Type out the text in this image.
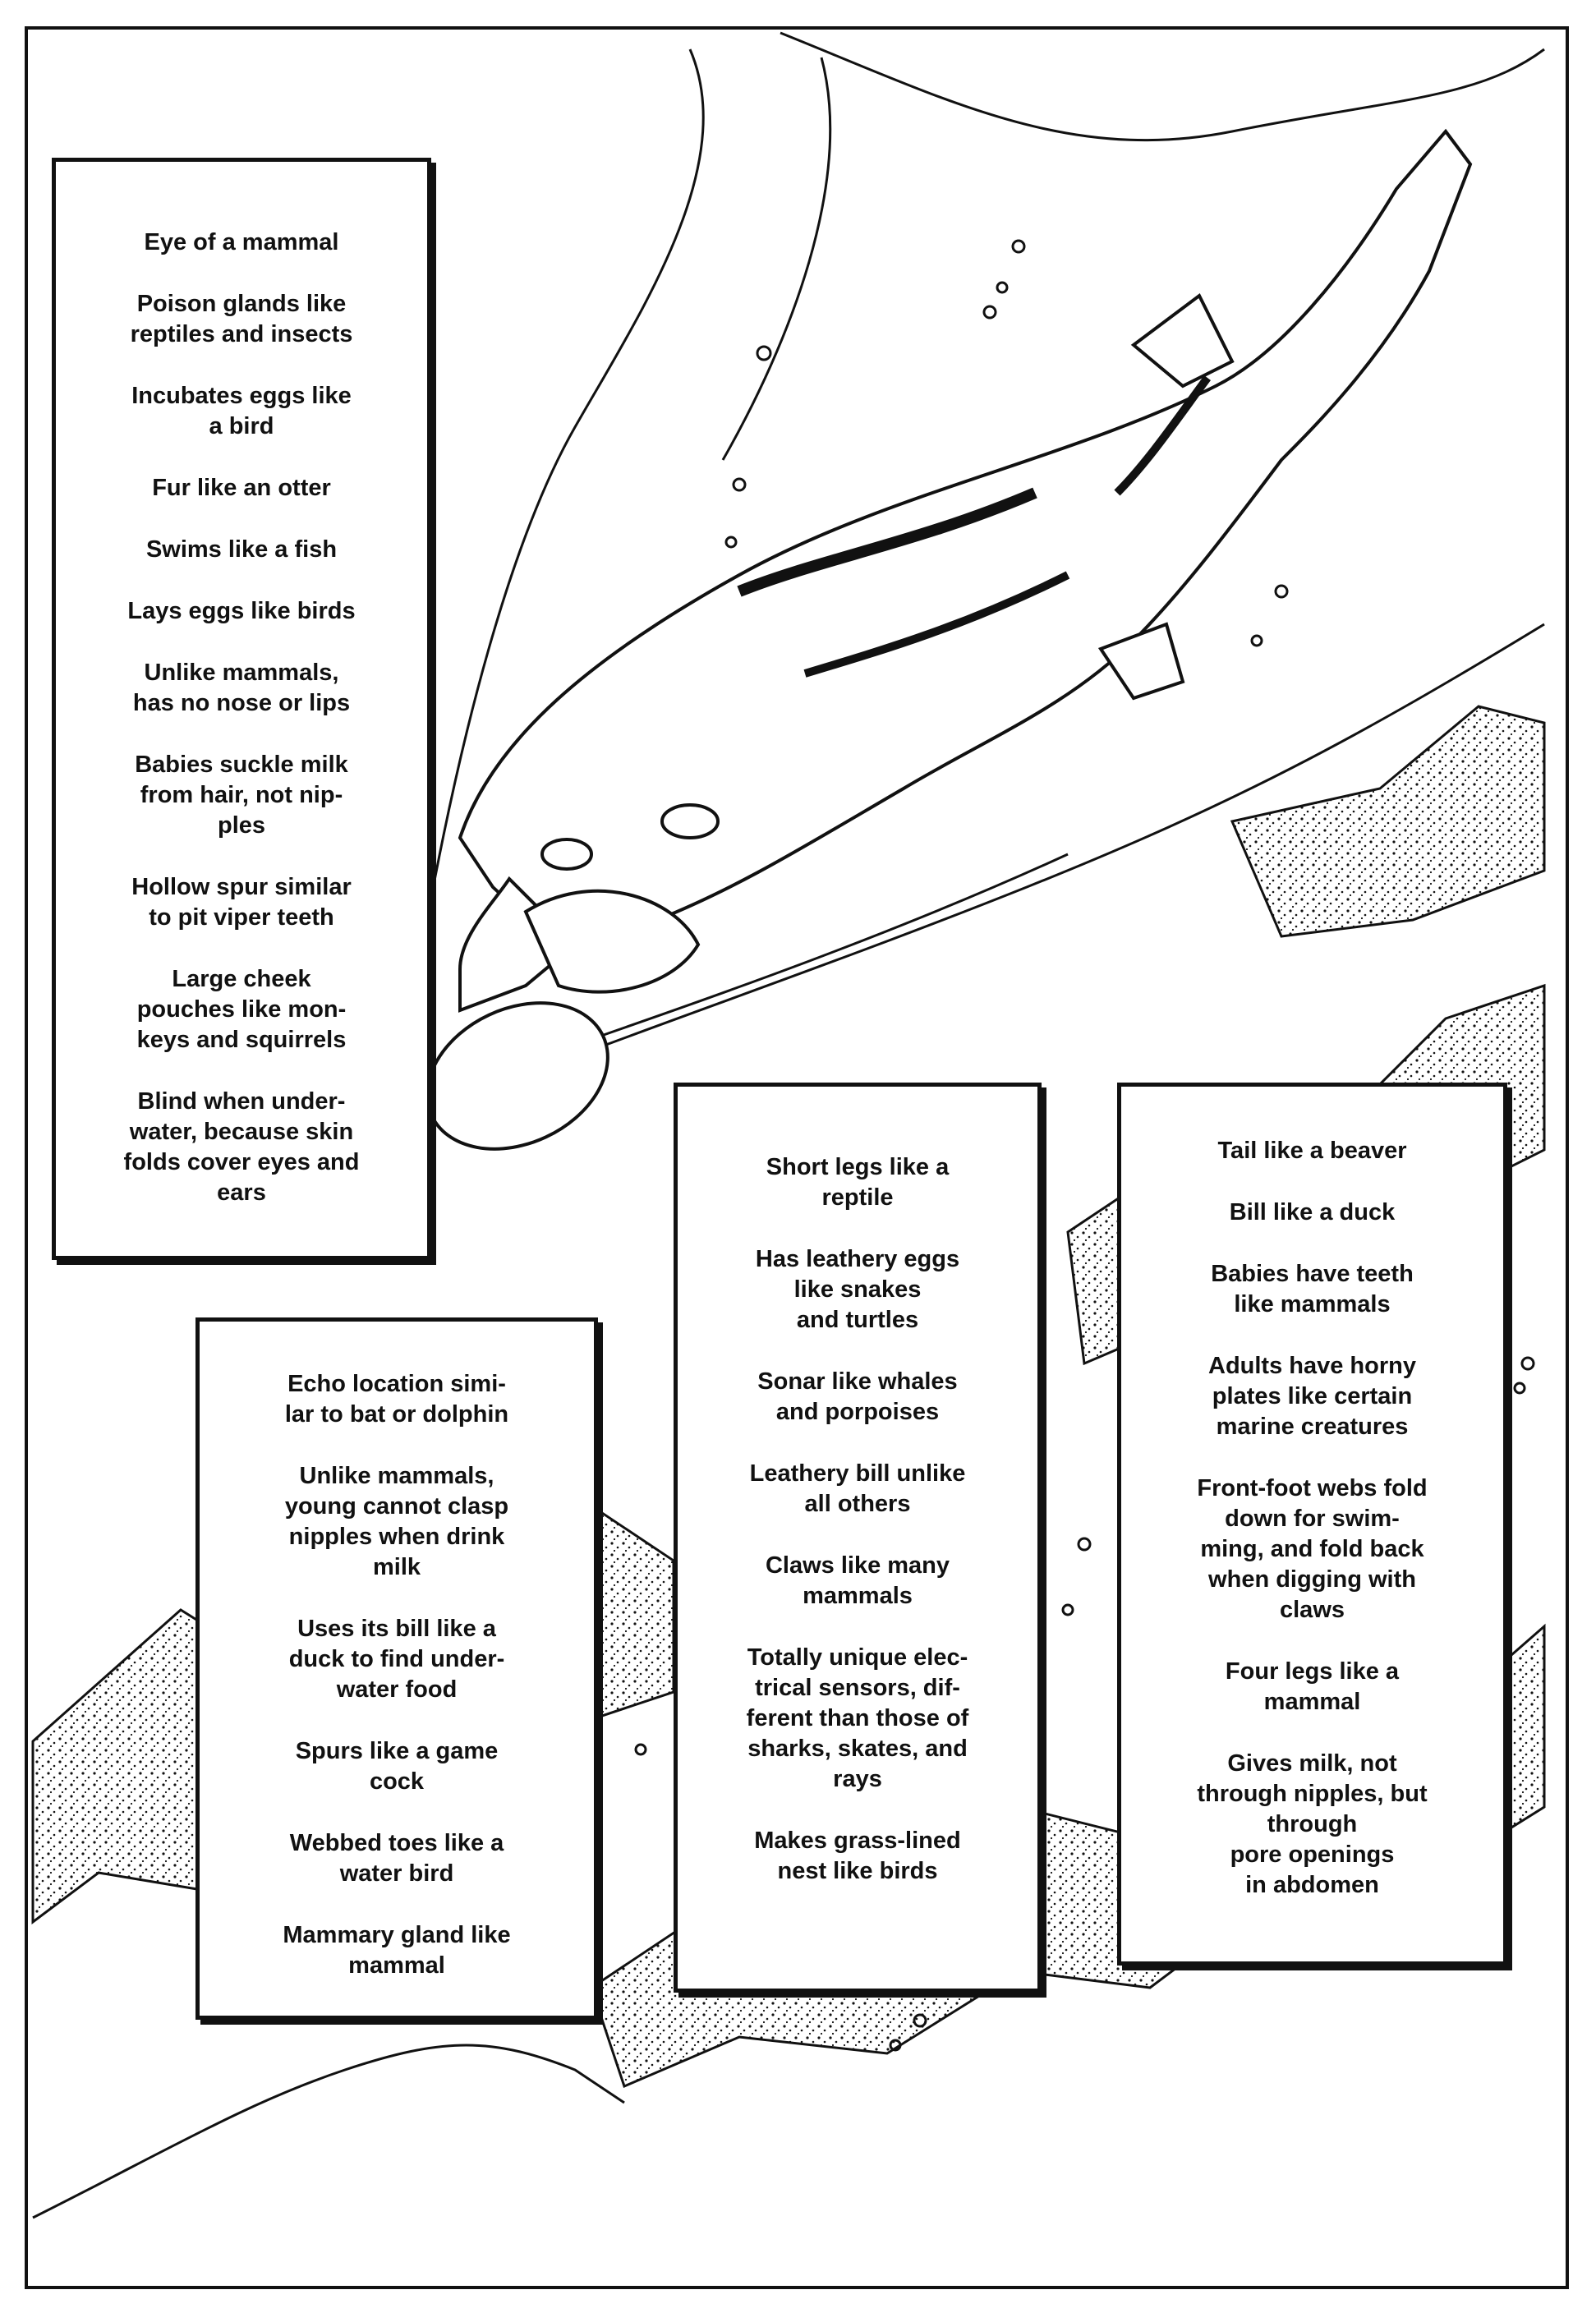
Eye of a mammal
Poison glands like
reptiles and insects
Incubates eggs like
a bird
Fur like an otter
Swims like a fish
Lays eggs like birds
Unlike mammals,
has no nose or lips
Babies suckle milk
from hair, not nip-
ples
Hollow spur similar
to pit viper teeth
Large cheek
pouches like mon-
keys and squirrels
Blind when under-
water, because skin
folds cover eyes and
ears
Echo location simi-
lar to bat or dolphin
Unlike mammals,
young cannot clasp
nipples when drink
milk
Uses its bill like a
duck to find under-
water food
Spurs like a game
cock
Webbed toes like a
water bird
Mammary gland like
mammal
Short legs like a
reptile
Has leathery eggs
like snakes
and turtles
Sonar like whales
and porpoises
Leathery bill unlike
all others
Claws like many
mammals
Totally unique elec-
trical sensors, dif-
ferent than those of
sharks, skates, and
rays
Makes grass-lined
nest like birds
Tail like a beaver
Bill like a duck
Babies have teeth
like mammals
Adults have horny
plates like certain
marine creatures
Front-foot webs fold
down for swim-
ming, and fold back
when digging with
claws
Four legs like a
mammal
Gives milk, not
through nipples, but
through
pore openings
in abdomen
